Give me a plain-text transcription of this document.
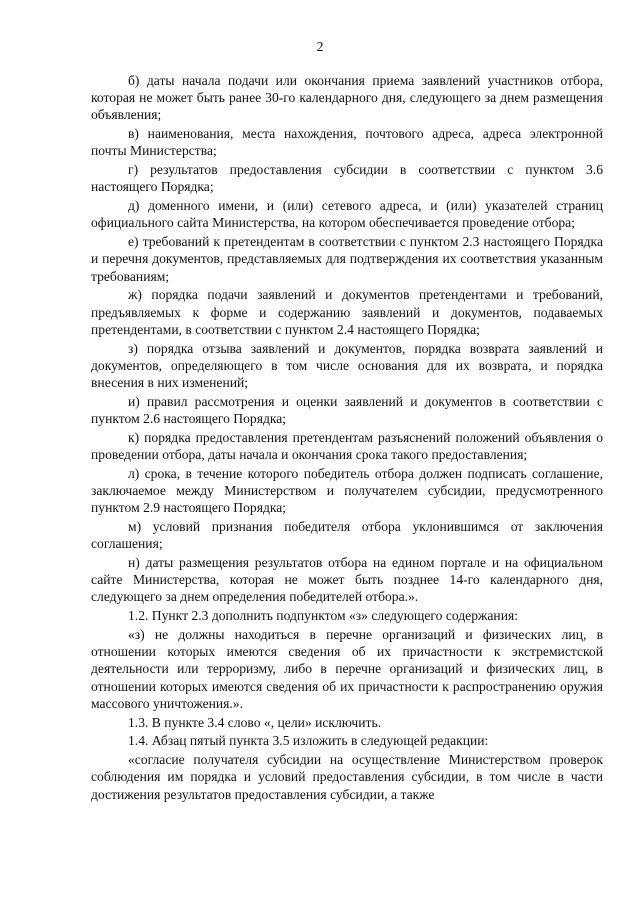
2

б) даты начала подачи или окончания приема заявлений участников отбора, которая не может быть ранее 30-го календарного дня, следующего за днем размещения объявления;

в) наименования, места нахождения, почтового адреса, адреса электронной почты Министерства;

г) результатов предоставления субсидии в соответствии с пунктом 3.6 настоящего Порядка;

д) доменного имени, и (или) сетевого адреса, и (или) указателей страниц официального сайта Министерства, на котором обеспечивается проведение отбора;

е) требований к претендентам в соответствии с пунктом 2.3 настоящего Порядка и перечня документов, представляемых для подтверждения их соответствия указанным требованиям;

ж) порядка подачи заявлений и документов претендентами и требований, предъявляемых к форме и содержанию заявлений и документов, подаваемых претендентами, в соответствии с пунктом 2.4 настоящего Порядка;

з) порядка отзыва заявлений и документов, порядка возврата заявлений и документов, определяющего в том числе основания для их возврата, и порядка внесения в них изменений;

и) правил рассмотрения и оценки заявлений и документов в соответствии с пунктом 2.6 настоящего Порядка;

к) порядка предоставления претендентам разъяснений положений объявления о проведении отбора, даты начала и окончания срока такого предоставления;

л) срока, в течение которого победитель отбора должен подписать соглашение, заключаемое между Министерством и получателем субсидии, предусмотренного пунктом 2.9 настоящего Порядка;

м) условий признания победителя отбора уклонившимся от заключения соглашения;

н) даты размещения результатов отбора на едином портале и на официальном сайте Министерства, которая не может быть позднее 14-го календарного дня, следующего за днем определения победителей отбора.».

1.2. Пункт 2.3 дополнить подпунктом «з» следующего содержания:

«з) не должны находиться в перечне организаций и физических лиц, в отношении которых имеются сведения об их причастности к экстремистской деятельности или терроризму, либо в перечне организаций и физических лиц, в отношении которых имеются сведения об их причастности к распространению оружия массового уничтожения.».

1.3. В пункте 3.4 слово «, цели» исключить.

1.4. Абзац пятый пункта 3.5 изложить в следующей редакции:

«согласие получателя субсидии на осуществление Министерством проверок соблюдения им порядка и условий предоставления субсидии, в том числе в части достижения результатов предоставления субсидии, а также
